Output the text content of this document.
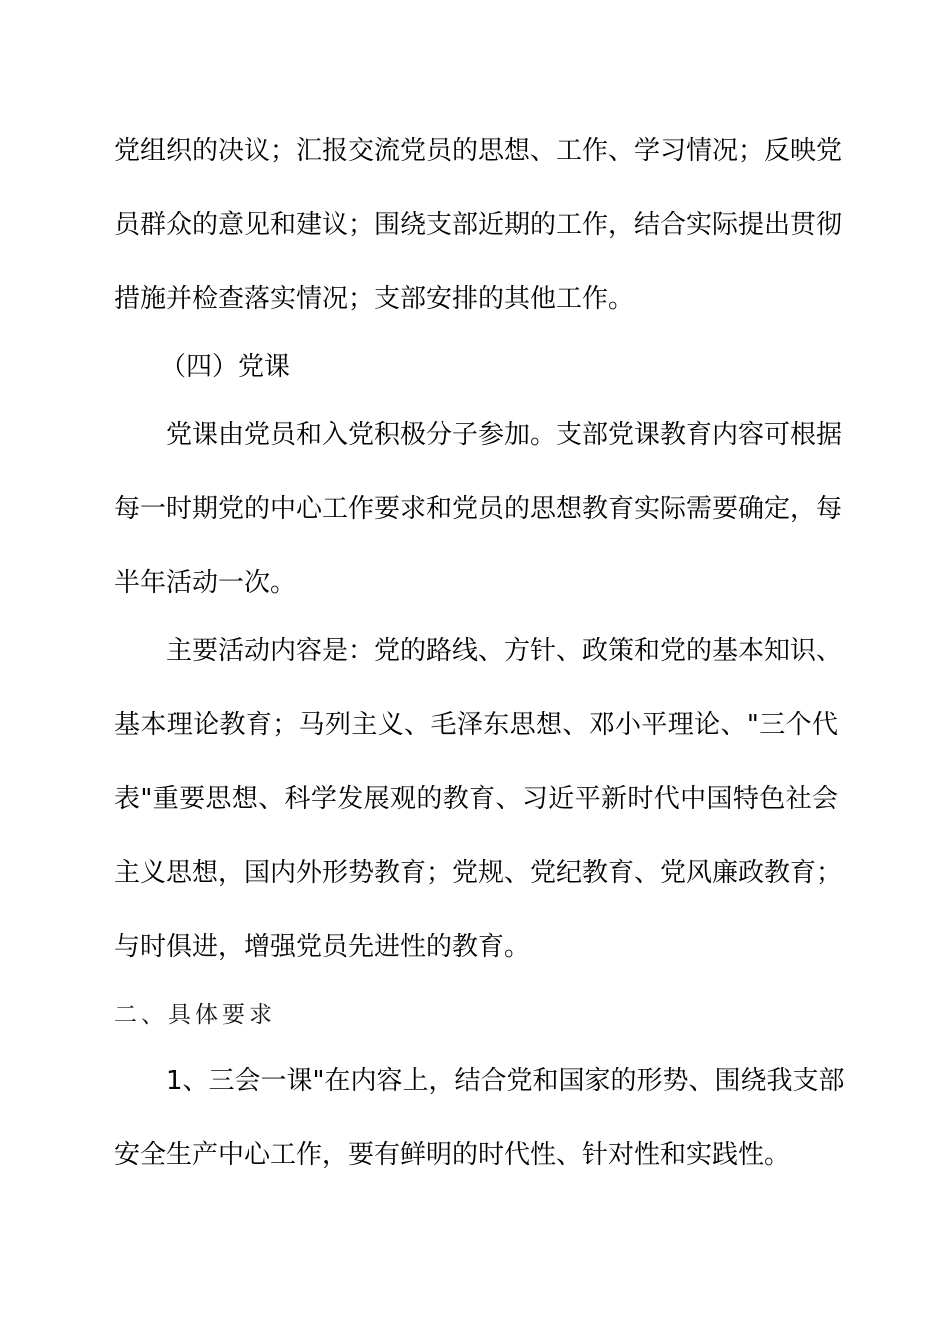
党组织的决议；汇报交流党员的思想、工作、学习情况；反映党
员群众的意见和建议；围绕支部近期的工作，结合实际提出贯彻
措施并检查落实情况；支部安排的其他工作。
（四）党课
党课由党员和入党积极分子参加。支部党课教育内容可根据
每一时期党的中心工作要求和党员的思想教育实际需要确定，每
半年活动一次。
主要活动内容是：党的路线、方针、政策和党的基本知识、
基本理论教育；马列主义、毛泽东思想、邓小平理论、"三个代
表"重要思想、科学发展观的教育、习近平新时代中国特色社会
主义思想，国内外形势教育；党规、党纪教育、党风廉政教育；
与时俱进，增强党员先进性的教育。
二、具体要求
1、三会一课"在内容上，结合党和国家的形势、围绕我支部
安全生产中心工作，要有鲜明的时代性、针对性和实践性。
